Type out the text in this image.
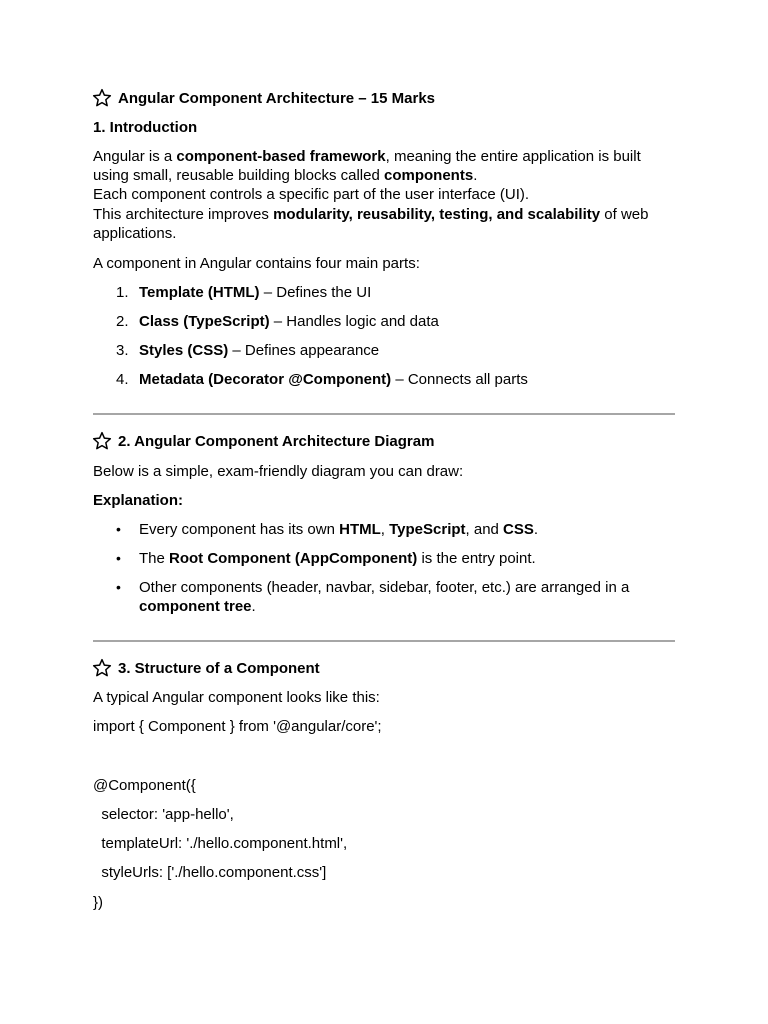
Angular Component Architecture – 15 Marks
1. Introduction
Angular is a component-based framework, meaning the entire application is built
using small, reusable building blocks called components.
Each component controls a specific part of the user interface (UI).
This architecture improves modularity, reusability, testing, and scalability of web
applications.
A component in Angular contains four main parts:
1. Template (HTML) – Defines the UI
2. Class (TypeScript) – Handles logic and data
3. Styles (CSS) – Defines appearance
4. Metadata (Decorator @Component) – Connects all parts
2. Angular Component Architecture Diagram
Below is a simple, exam-friendly diagram you can draw:
Explanation:
• Every component has its own HTML, TypeScript, and CSS.
• The Root Component (AppComponent) is the entry point.
• Other components (header, navbar, sidebar, footer, etc.) are arranged in a
component tree.
3. Structure of a Component
A typical Angular component looks like this:
import { Component } from '@angular/core';
@Component({
selector: 'app-hello',
templateUrl: './hello.component.html',
styleUrls: ['./hello.component.css']
})
